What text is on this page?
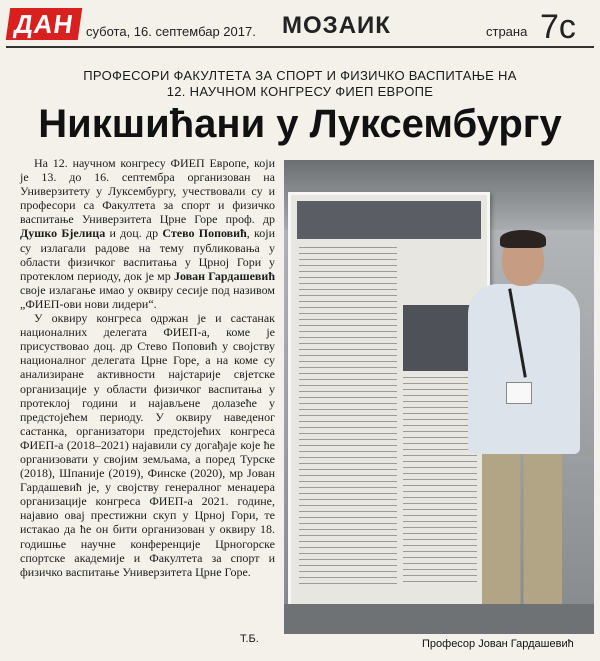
ДАН субота, 16. септембар 2017. МОЗАИК	страна 7с
ПРОФЕСОРИ ФАКУЛТЕТА ЗА СПОРТ И ФИЗИЧКО ВАСПИТАЊЕ НА
12. НАУЧНОМ КОНГРЕСУ ФИЕП ЕВРОПЕ
Никшићани у Луксембургу

На 12. научном конгресу ФИЕП Европе, који је 13. до 16. септембра организован на Универзитету у Луксембургу, учествовали су и професори са Факултета за спорт и физичко васпитање Универзитета Црне Горе проф. др Душко Бјелица и доц. др Стево Поповић, који су излагали радове на тему публиковања у области физичког васпитања у Црној Гори у протеклом периоду, док је мр Јован Гардашевић своје излагање имао у оквиру сесије под називом „ФИЕП-ови нови лидери“.

У оквиру конгреса одржан је и састанак националних делегата ФИЕП-а, коме је присуствовао доц. др Стево Поповић у својству националног делегата Црне Горе, а на коме су анализиране активности најстарије свјетске организације у области физичког васпитања у протеклој години и најављене долазеће у предстојећем периоду. У оквиру наведеног састанка, организатори предстојећих конгреса ФИЕП-а (2018–2021) најавили су догађаје које ће организовати у својим земљама, а поред Турске (2018), Шпаније (2019), Финске (2020), мр Јован Гардашевић је, у својству генералног менаџера организације конгреса ФИЕП-а 2021. године, најавио овај престижни скуп у Црној Гори, те истакао да ће он бити организован у оквиру 18. годишње научне конференције Црногорске спортске академије и Факултета за спорт и физичко васпитање Универзитета Црне Горе.

Т.Б.	Професор Јован Гардашевић
